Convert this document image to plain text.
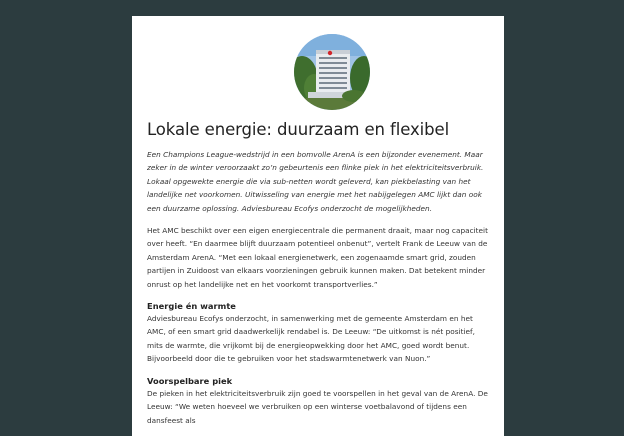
Lokale energie: duurzaam en flexibel

Een Champions League-wedstrijd in een bomvolle ArenA is een bijzonder evenement. Maar zeker in de winter veroorzaakt zo’n gebeurtenis een flinke piek in het elektriciteitsverbruik. Lokaal opgewekte energie die via sub-netten wordt geleverd, kan piekbelasting van het landelijke net voorkomen. Uitwisseling van energie met het nabijgelegen AMC lijkt dan ook een duurzame oplossing. Adviesbureau Ecofys onderzocht de mogelijkheden.

Het AMC beschikt over een eigen energiecentrale die permanent draait, maar nog capaciteit over heeft. “En daarmee blijft duurzaam potentieel onbenut”, vertelt Frank de Leeuw van de Amsterdam ArenA. “Met een lokaal energienetwerk, een zogenaamde smart grid, zouden partijen in Zuidoost van elkaars voorzieningen gebruik kunnen maken. Dat betekent minder onrust op het landelijke net en het voorkomt transportverlies.”

Energie én warmte

Adviesbureau Ecofys onderzocht, in samenwerking met de gemeente Amsterdam en het AMC, of een smart grid daadwerkelijk rendabel is. De Leeuw: “De uitkomst is nét positief, mits de warmte, die vrijkomt bij de energieopwekking door het AMC, goed wordt benut. Bijvoorbeeld door die te gebruiken voor het stadswarmtenetwerk van Nuon.”

Voorspelbare piek

De pieken in het elektriciteitsverbruik zijn goed te voorspellen in het geval van de ArenA. De Leeuw: “We weten hoeveel we verbruiken op een winterse voetbalavond of tijdens een dansfeest als
